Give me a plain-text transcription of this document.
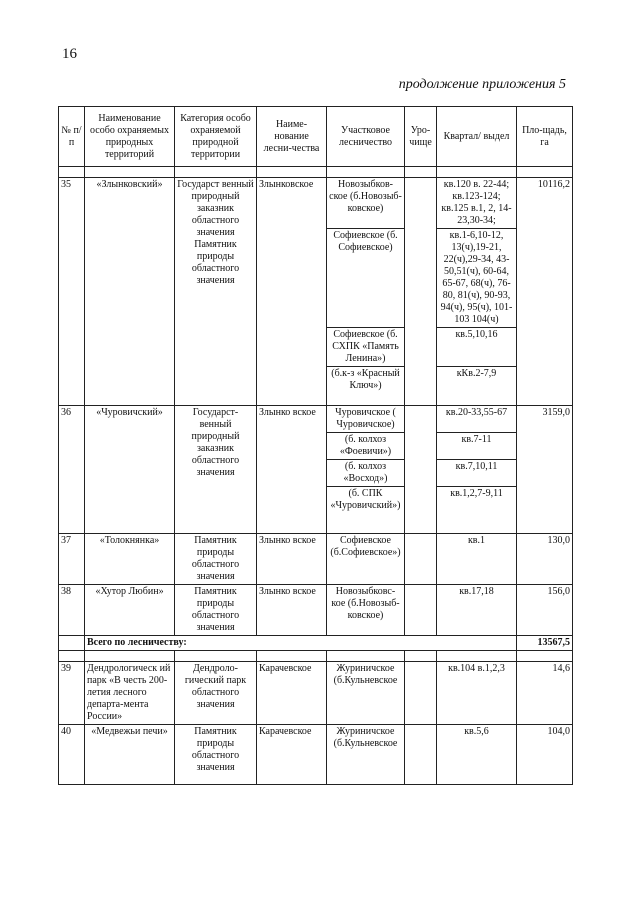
16
продолжение приложения 5
№ п/п	Наименование особо охраняемых природных территорий	Категория особо охраняемой природной территории	Наиме-нование лесни-чества	Участковое лесничество	Уро-чище	Квартал/ выдел	Пло-щадь, га

35	«Злынковский»	Государст венный природный заказник областного значения Памятник природы областного значения	Злынковское	Новозыбков-ское (б.Новозыб-ковское)		кв.120 в. 22-44; кв.123-124; кв.125 в.1, 2, 14-23,30-34;	10116,2
				Софиевское (б. Софиевское)		кв.1-6,10-12, 13(ч),19-21, 22(ч),29-34, 43-50,51(ч), 60-64, 65-67, 68(ч), 76-80, 81(ч), 90-93, 94(ч), 95(ч), 101-103 104(ч)	
				Софиевское (б. СХПК «Память Ленина»)		кв.5,10,16	
				(б.к-з «Красный Ключ»)		кКв.2-7,9	
36	«Чуровичский»	Государст-венный природный заказник областного значения	Злынко вское	Чуровичское ( Чуровичское)		кв.20-33,55-67	3159,0
				(б. колхоз «Фоевичи»)		кв.7-11	
				(б. колхоз «Восход»)		кв.7,10,11	
				(б. СПК «Чуровичский»)		кв.1,2,7-9,11	
37	«Толокнянка»	Памятник природы областного значения	Злынко вское	Софиевское (б.Софиевское»)		кв.1	130,0
38	«Хутор Любин»	Памятник природы областного значения	Злынко вское	Новозыбковс-кое (б.Новозыб-ковское)		кв.17,18	156,0
	Всего по лесничеству:						13567,5

39	Дендрологическ ий парк «В честь 200-летия лесного департа-мента России»	Дендроло-гический парк областного значения	Карачевское	Журиничское (б.Кульневское		кв.104 в.1,2,3	14,6
40	«Медвежьи печи»	Памятник природы областного значения	Карачевское	Журиничское (б.Кульневское		кв.5,6	104,0
